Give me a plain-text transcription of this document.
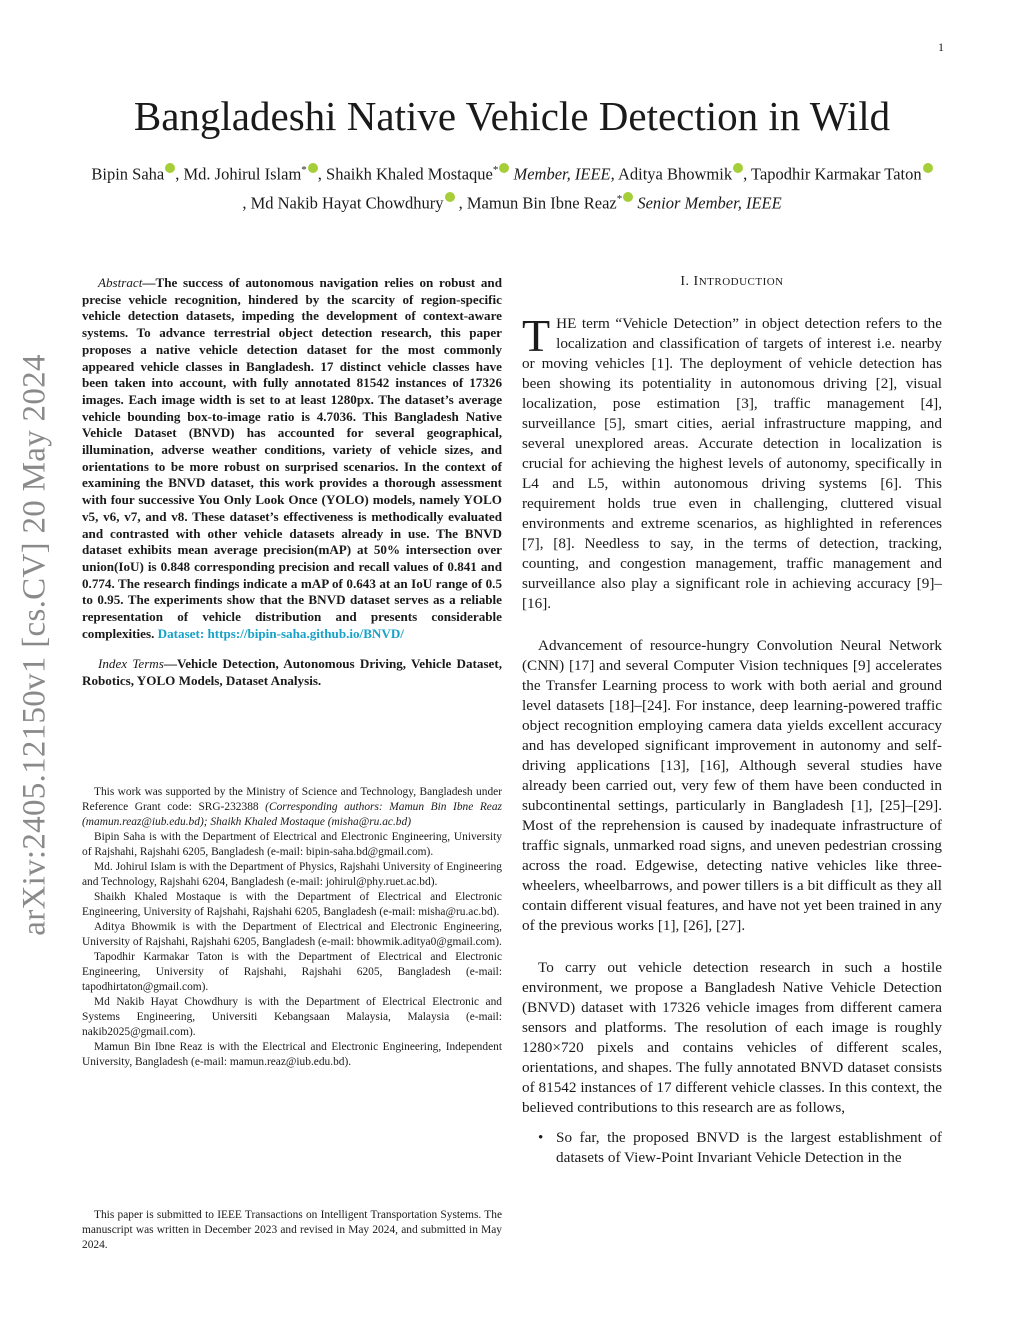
1
arXiv:2405.12150v1 [cs.CV] 20 May 2024
Bangladeshi Native Vehicle Detection in Wild
Bipin Saha , Md. Johirul Islam* , Shaikh Khaled Mostaque* Member, IEEE, Aditya Bhowmik , Tapodhir Karmakar Taton, Md Nakib Hayat Chowdhury , Mamun Bin Ibne Reaz* Senior Member, IEEE

Abstract—The success of autonomous navigation relies on robust and precise vehicle recognition, hindered by the scarcity of region-specific vehicle detection datasets, impeding the development of context-aware systems. To advance terrestrial object detection research, this paper proposes a native vehicle detection dataset for the most commonly appeared vehicle classes in Bangladesh. 17 distinct vehicle classes have been taken into account, with fully annotated 81542 instances of 17326 images. Each image width is set to at least 1280px. The dataset’s average vehicle bounding box-to-image ratio is 4.7036. This Bangladesh Native Vehicle Dataset (BNVD) has accounted for several geographical, illumination, adverse weather conditions, variety of vehicle sizes, and orientations to be more robust on surprised scenarios. In the context of examining the BNVD dataset, this work provides a thorough assessment with four successive You Only Look Once (YOLO) models, namely YOLO v5, v6, v7, and v8. These dataset’s effectiveness is methodically evaluated and contrasted with other vehicle datasets already in use. The BNVD dataset exhibits mean average precision(mAP) at 50% intersection over union(IoU) is 0.848 corresponding precision and recall values of 0.841 and 0.774. The research findings indicate a mAP of 0.643 at an IoU range of 0.5 to 0.95. The experiments show that the BNVD dataset serves as a reliable representation of vehicle distribution and presents considerable complexities. Dataset: https://bipin-saha.github.io/BNVD/

Index Terms—Vehicle Detection, Autonomous Driving, Vehicle Dataset, Robotics, YOLO Models, Dataset Analysis.

This work was supported by the Ministry of Science and Technology, Bangladesh under Reference Grant code: SRG-232388 (Corresponding authors: Mamun Bin Ibne Reaz (mamun.reaz@iub.edu.bd); Shaikh Khaled Mostaque (misha@ru.ac.bd)

Bipin Saha is with the Department of Electrical and Electronic Engineering, University of Rajshahi, Rajshahi 6205, Bangladesh (e-mail: bipin-saha.bd@gmail.com).

Md. Johirul Islam is with the Department of Physics, Rajshahi University of Engineering and Technology, Rajshahi 6204, Bangladesh (e-mail: johirul@phy.ruet.ac.bd).

Shaikh Khaled Mostaque is with the Department of Electrical and Electronic Engineering, University of Rajshahi, Rajshahi 6205, Bangladesh (e-mail: misha@ru.ac.bd).

Aditya Bhowmik is with the Department of Electrical and Electronic Engineering, University of Rajshahi, Rajshahi 6205, Bangladesh (e-mail: bhowmik.aditya0@gmail.com).

Tapodhir Karmakar Taton is with the Department of Electrical and Electronic Engineering, University of Rajshahi, Rajshahi 6205, Bangladesh (e-mail: tapodhirtaton@gmail.com).

Md Nakib Hayat Chowdhury is with the Department of Electrical Electronic and Systems Engineering, Universiti Kebangsaan Malaysia, Malaysia (e-mail: nakib2025@gmail.com).

Mamun Bin Ibne Reaz is with the Electrical and Electronic Engineering, Independent University, Bangladesh (e-mail: mamun.reaz@iub.edu.bd).

This paper is submitted to IEEE Transactions on Intelligent Transportation Systems. The manuscript was written in December 2023 and revised in May 2024, and submitted in May 2024.

I. INTRODUCTION

THE term “Vehicle Detection” in object detection refers to the localization and classification of targets of interest i.e. nearby or moving vehicles [1]. The deployment of vehicle detection has been showing its potentiality in autonomous driving [2], visual localization, pose estimation [3], traffic management [4], surveillance [5], smart cities, aerial infrastructure mapping, and several unexplored areas. Accurate detection in localization is crucial for achieving the highest levels of autonomy, specifically in L4 and L5, within autonomous driving systems [6]. This requirement holds true even in challenging, cluttered visual environments and extreme scenarios, as highlighted in references [7], [8]. Needless to say, in the terms of detection, tracking, counting, and congestion management, traffic management and surveillance also play a significant role in achieving accuracy [9]–[16].

Advancement of resource-hungry Convolution Neural Network (CNN) [17] and several Computer Vision techniques [9] accelerates the Transfer Learning process to work with both aerial and ground level datasets [18]–[24]. For instance, deep learning-powered traffic object recognition employing camera data yields excellent accuracy and has developed significant improvement in autonomy and self-driving applications [13], [16], Although several studies have already been carried out, very few of them have been conducted in subcontinental settings, particularly in Bangladesh [1], [25]–[29]. Most of the reprehension is caused by inadequate infrastructure of traffic signals, unmarked road signs, and uneven pedestrian crossing across the road. Edgewise, detecting native vehicles like three-wheelers, wheelbarrows, and power tillers is a bit difficult as they all contain different visual features, and have not yet been trained in any of the previous works [1], [26], [27].

To carry out vehicle detection research in such a hostile environment, we propose a Bangladesh Native Vehicle Detection (BNVD) dataset with 17326 vehicle images from different camera sensors and platforms. The resolution of each image is roughly 1280×720 pixels and contains vehicles of different scales, orientations, and shapes. The fully annotated BNVD dataset consists of 81542 instances of 17 different vehicle classes. In this context, the believed contributions to this research are as follows,

• So far, the proposed BNVD is the largest establishment of datasets of View-Point Invariant Vehicle Detection in the
